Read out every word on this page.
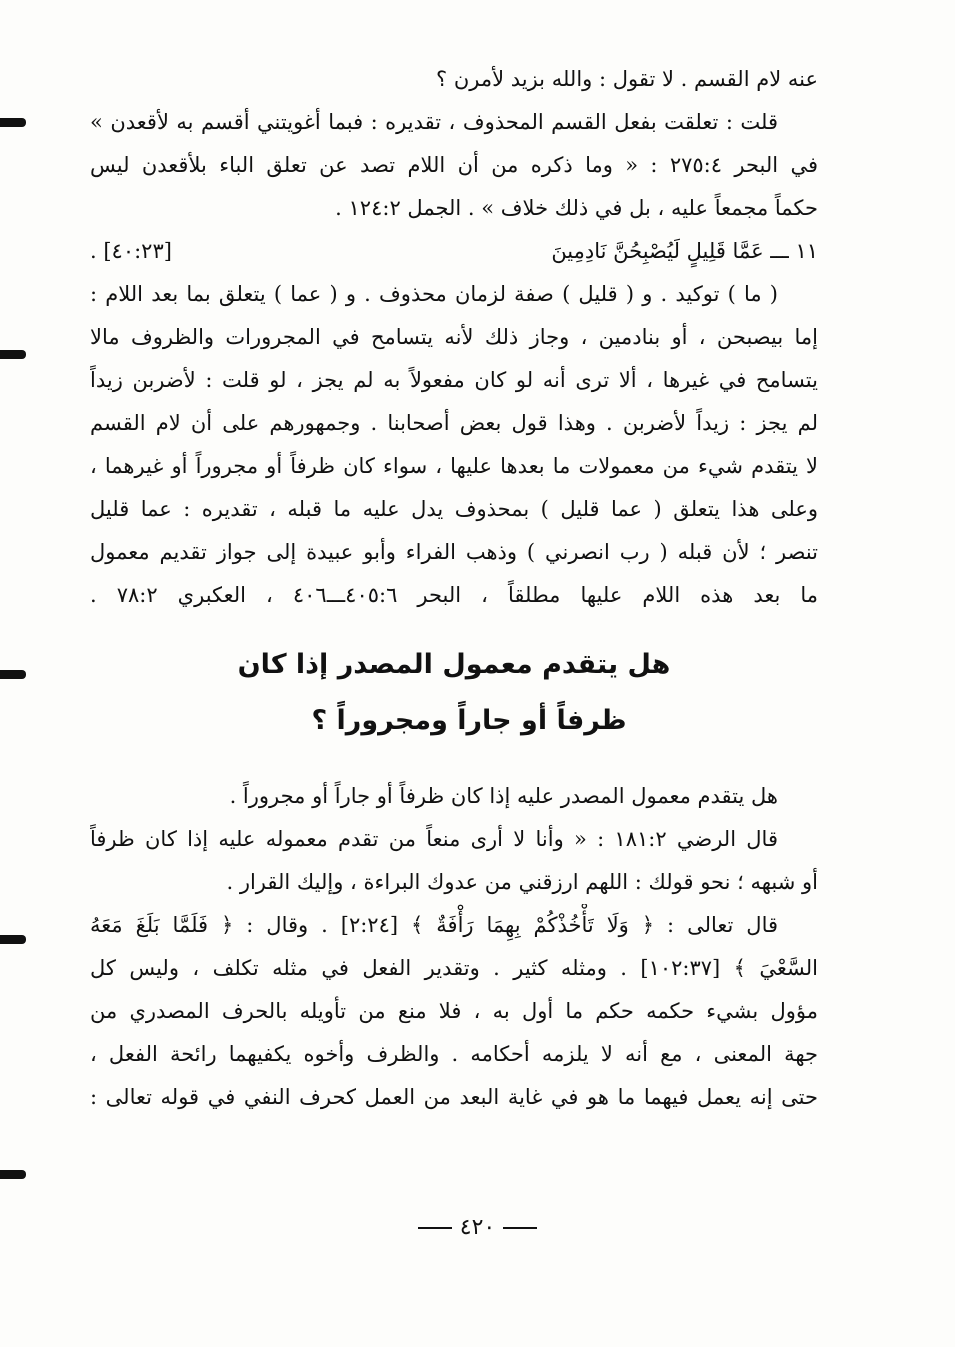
عنه لام القسم . لا تقول : والله بزيد لأمرن ؟
قلت : تعلقت بفعل القسم المحذوف ، تقديره : فبما أغويتني أقسم به لأقعدن »
في البحر ٢٧٥:٤ : « وما ذكره من أن اللام تصد عن تعلق الباء بلأقعدن ليس
حكماً مجمعاً عليه ، بل في ذلك خلاف » . الجمل ١٢٤:٢ .
١١ ـــ عَمَّا قَلِيلٍ لَيُصْبِحُنَّ نَادِمِينَ
[٤٠:٢٣] .
( ما ) توكيد . و ( قليل ) صفة لزمان محذوف . و ( عما ) يتعلق بما بعد اللام :
إما بيصبحن ، أو بنادمين ، وجاز ذلك لأنه يتسامح في المجرورات والظروف مالا
يتسامح في غيرها ، ألا ترى أنه لو كان مفعولاً به لم يجز ، لو قلت : لأضربن زيداً
لم يجز : زيداً لأضربن . وهذا قول بعض أصحابنا . وجمهورهم على أن لام القسم
لا يتقدم شيء من معمولات ما بعدها عليها ، سواء كان ظرفاً أو مجروراً أو غيرهما ،
وعلى هذا يتعلق ( عما قليل ) بمحذوف يدل عليه ما قبله ، تقديره : عما قليل
تنصر ؛ لأن قبله ( رب انصرني ) وذهب الفراء وأبو عبيدة إلى جواز تقديم معمول
ما بعد هذه اللام عليها مطلقاً ، البحر ٤٠٥:٦ـــ٤٠٦ ، العكبري ٧٨:٢ .
هل يتقدم معمول المصدر إذا كان
ظرفاً أو جاراً ومجروراً ؟
هل يتقدم معمول المصدر عليه إذا كان ظرفاً أو جاراً أو مجروراً .
قال الرضي ١٨١:٢ : « وأنا لا أرى منعاً من تقدم معموله عليه إذا كان ظرفاً
أو شبهه ؛ نحو قولك : اللهم ارزقني من عدوك البراءة ، وإليك القرار .
قال تعالى : ﴿ وَلَا تَأْخُذْكُمْ بِهِمَا رَأْفَةٌ ﴾ [٢:٢٤] . وقال : ﴿ فَلَمَّا بَلَغَ مَعَهُ
السَّعْيَ ﴾ [١٠٢:٣٧] . ومثله كثير . وتقدير الفعل في مثله تكلف ، وليس كل
مؤول بشيء حكمه حكم ما أول به ، فلا منع من تأويله بالحرف المصدري من
جهة المعنى ، مع أنه لا يلزمه أحكامه . والظرف وأخوه يكفيهما رائحة الفعل ،
حتى إنه يعمل فيهما ما هو في غاية البعد من العمل كحرف النفي في قوله تعالى :
٤٢٠
